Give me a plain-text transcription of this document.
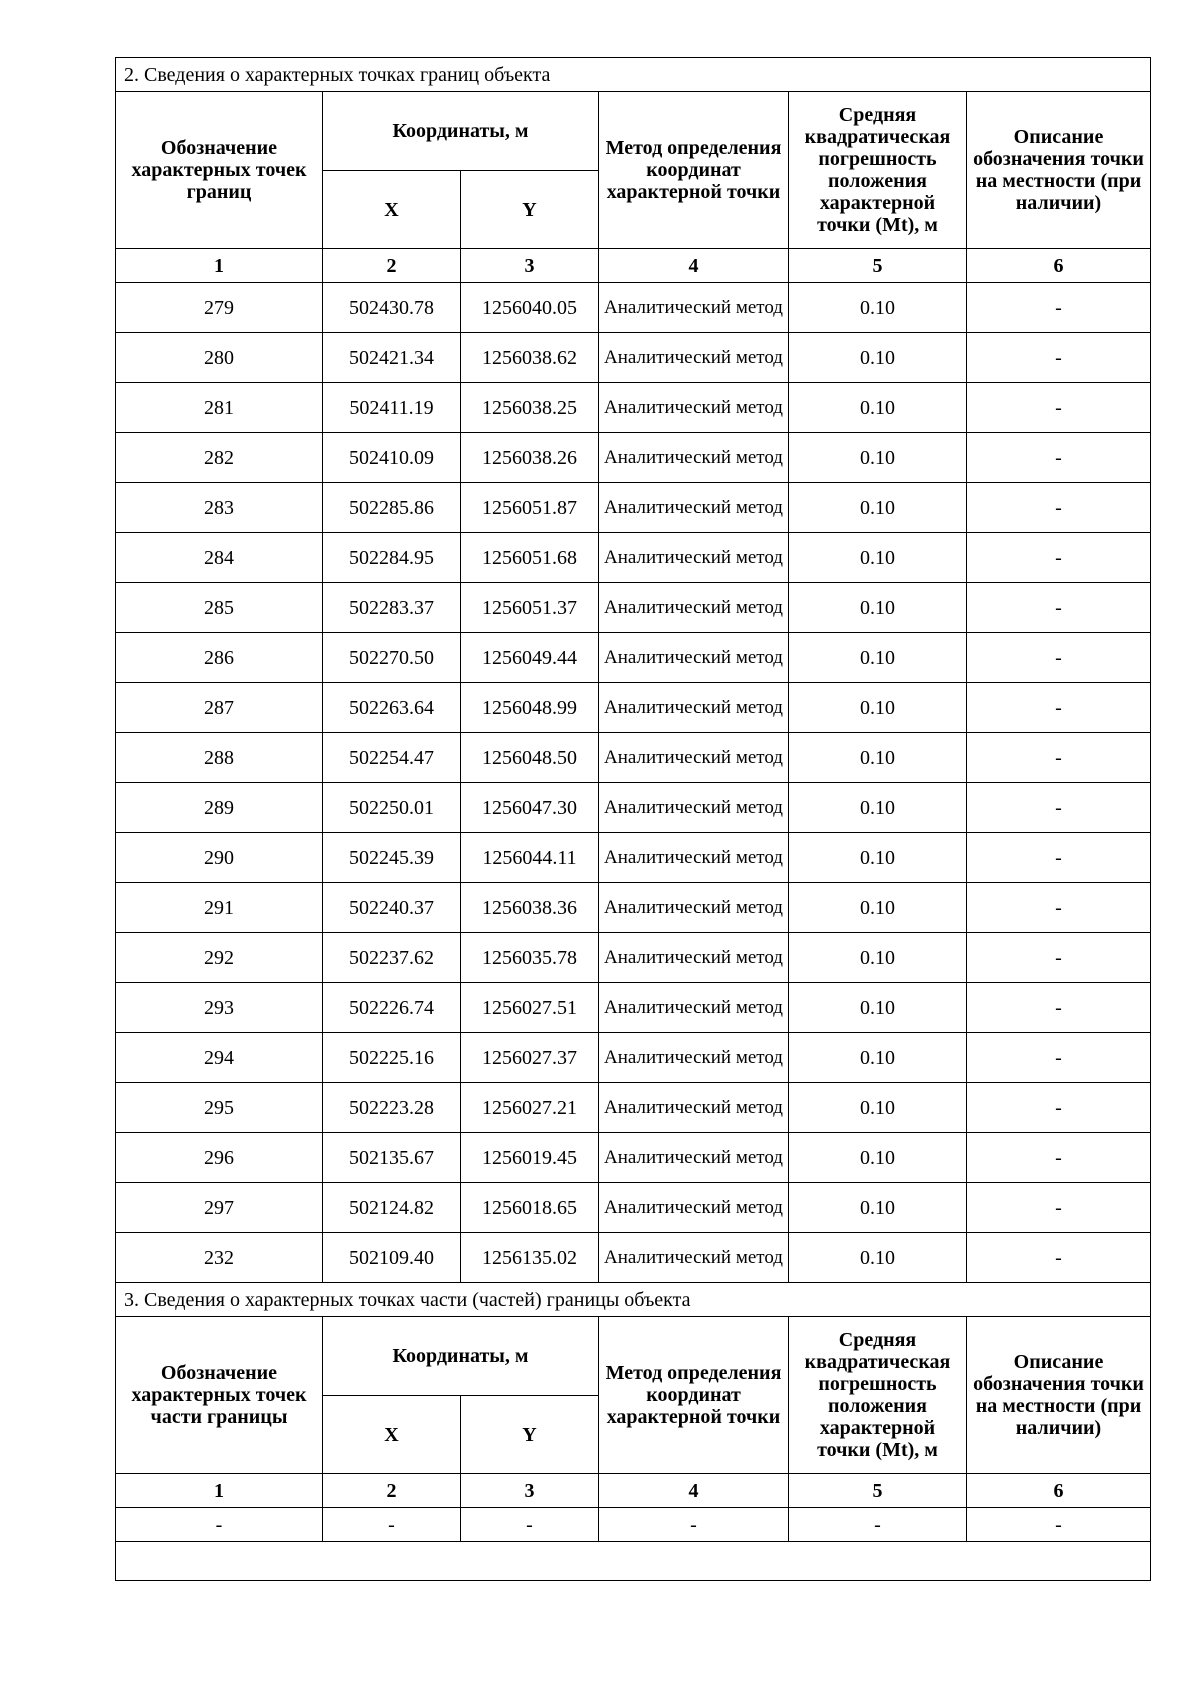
2. Сведения о характерных точках границ объекта					
Обозначение характерных точек границ	Координаты, м		Метод определения координат характерной точки	Средняя квадратическая погрешность положения характерной точки (Mt), м	Описание обозначения точки на местности (при наличии)
	X	Y			
1	2	3	4	5	6
279	502430.78	1256040.05	Аналитический метод	0.10	-
280	502421.34	1256038.62	Аналитический метод	0.10	-
281	502411.19	1256038.25	Аналитический метод	0.10	-
282	502410.09	1256038.26	Аналитический метод	0.10	-
283	502285.86	1256051.87	Аналитический метод	0.10	-
284	502284.95	1256051.68	Аналитический метод	0.10	-
285	502283.37	1256051.37	Аналитический метод	0.10	-
286	502270.50	1256049.44	Аналитический метод	0.10	-
287	502263.64	1256048.99	Аналитический метод	0.10	-
288	502254.47	1256048.50	Аналитический метод	0.10	-
289	502250.01	1256047.30	Аналитический метод	0.10	-
290	502245.39	1256044.11	Аналитический метод	0.10	-
291	502240.37	1256038.36	Аналитический метод	0.10	-
292	502237.62	1256035.78	Аналитический метод	0.10	-
293	502226.74	1256027.51	Аналитический метод	0.10	-
294	502225.16	1256027.37	Аналитический метод	0.10	-
295	502223.28	1256027.21	Аналитический метод	0.10	-
296	502135.67	1256019.45	Аналитический метод	0.10	-
297	502124.82	1256018.65	Аналитический метод	0.10	-
232	502109.40	1256135.02	Аналитический метод	0.10	-
3. Сведения о характерных точках части (частей) границы объекта					
Обозначение характерных точек части границы	Координаты, м		Метод определения координат характерной точки	Средняя квадратическая погрешность положения характерной точки (Mt), м	Описание обозначения точки на местности (при наличии)
	X	Y			
1	2	3	4	5	6
-	-	-	-	-	-
